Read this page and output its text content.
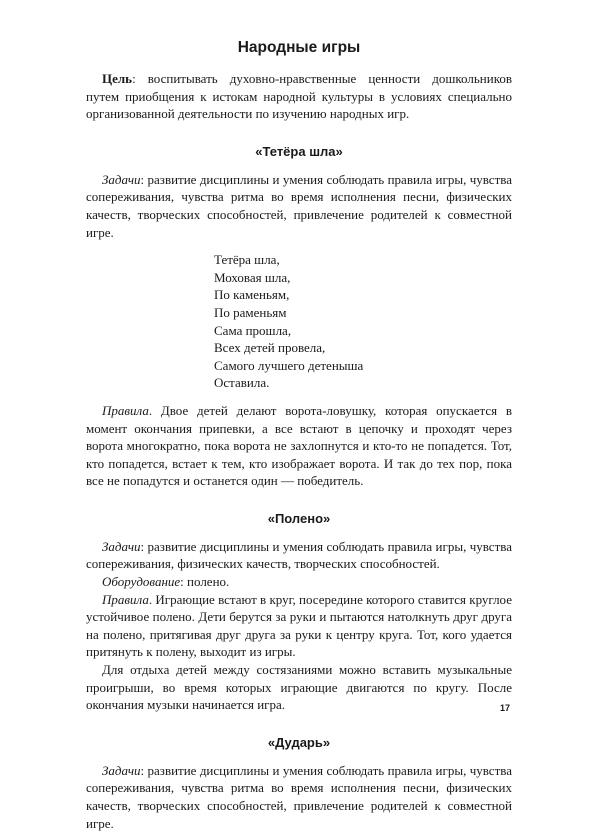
Народные игры

Цель: воспитывать духовно-нравственные ценности дошкольников путем приобщения к истокам народной культуры в условиях специально организованной деятельности по изучению народных игр.

«Тетёра шла»

Задачи: развитие дисциплины и умения соблюдать правила игры, чувства сопереживания, чувства ритма во время исполнения песни, физических качеств, творческих способностей, привлечение родителей к совместной игре.

Тетёра шла,
Моховая шла,
По каменьям,
По раменьям
Сама прошла,
Всех детей провела,
Самого лучшего детеныша
Оставила.

Правила. Двое детей делают ворота-ловушку, которая опускается в момент окончания припевки, а все встают в цепочку и проходят через ворота многократно, пока ворота не захлопнутся и кто-то не попадется. Тот, кто попадется, встает к тем, кто изображает ворота. И так до тех пор, пока все не попадутся и останется один — победитель.

«Полено»

Задачи: развитие дисциплины и умения соблюдать правила игры, чувства сопереживания, физических качеств, творческих способностей.

Оборудование: полено.

Правила. Играющие встают в круг, посередине которого ставится круглое устойчивое полено. Дети берутся за руки и пытаются натолкнуть друг друга на полено, притягивая друг друга за руки к центру круга. Тот, кого удается притянуть к полену, выходит из игры.

Для отдыха детей между состязаниями можно вставить музыкальные проигрыши, во время которых играющие двигаются по кругу. После окончания музыки начинается игра.

«Дударь»

Задачи: развитие дисциплины и умения соблюдать правила игры, чувства сопереживания, чувства ритма во время исполнения песни, физических качеств, творческих способностей, привлечение родителей к совместной игре.

17
